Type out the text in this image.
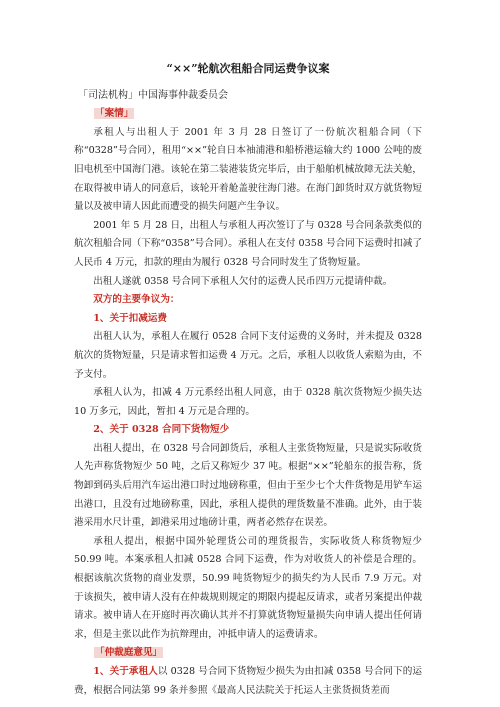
“××”轮航次租船合同运费争议案
「司法机构」中国海事仲裁委员会
「案情」
承租人与出租人于 2001 年 3 月 28 日签订了一份航次租船合同（下称“0328”号合同），租用“××”轮自日本袖浦港和船桥港运输大约 1000 公吨的废旧电机至中国海门港。该轮在第二装港装货完毕后，由于船舶机械故障无法关舱，在取得被申请人的同意后，该轮开着舱盖驶往海门港。在海门卸货时双方就货物短量以及被申请人因此而遭受的损失问题产生争议。
2001 年 5 月 28 日，出租人与承租人再次签订了与 0328 号合同条款类似的航次租船合同（下称“0358”号合同）。承租人在支付 0358 号合同下运费时扣减了人民币 4 万元，扣款的理由为履行 0328 号合同时发生了货物短量。
出租人遂就 0358 号合同下承租人欠付的运费人民币四万元提请仲裁。
双方的主要争议为：
1、关于扣减运费
出租人认为，承租人在履行 0528 合同下支付运费的义务时，并未提及 0328 航次的货物短量，只是请求暂扣运费 4 万元。之后，承租人以收货人索赔为由，不予支付。
承租人认为，扣减 4 万元系经出租人同意，由于 0328 航次货物短少损失达 10 万多元，因此，暂扣 4 万元是合理的。
2、关于 0328 合同下货物短少
出租人提出，在 0328 号合同卸货后，承租人主张货物短量，只是说实际收货人先声称货物短少 50 吨，之后又称短少 37 吨。根据“××”轮船东的报告称，货物卸到码头后用汽车运出港口时过地磅称重，但由于至少七个大件货物是用铲车运出港口，且没有过地磅称重，因此，承租人提供的理货数量不准确。此外，由于装港采用水尺计重，卸港采用过地磅计重，两者必然存在误差。
承租人提出，根据中国外轮理货公司的理货报告，实际收货人称货物短少 50.99 吨。本案承租人扣减 0528 合同下运费，作为对收货人的补偿是合理的。根据该航次货物的商业发票，50.99 吨货物短少的损失约为人民币 7.9 万元。对于该损失，被申请人没有在仲裁规则规定的期限内提起反请求，或者另案提出仲裁请求。被申请人在开庭时再次确认其并不打算就货物短量损失向申请人提出任何请求，但是主张以此作为抗辩理由，冲抵申请人的运费请求。
「仲裁庭意见」
1、关于承租人以 0328 号合同下货物短少损失为由扣减 0358 号合同下的运费，根据合同法第 99 条并参照《最高人民法院关于托运人主张货损货差而
